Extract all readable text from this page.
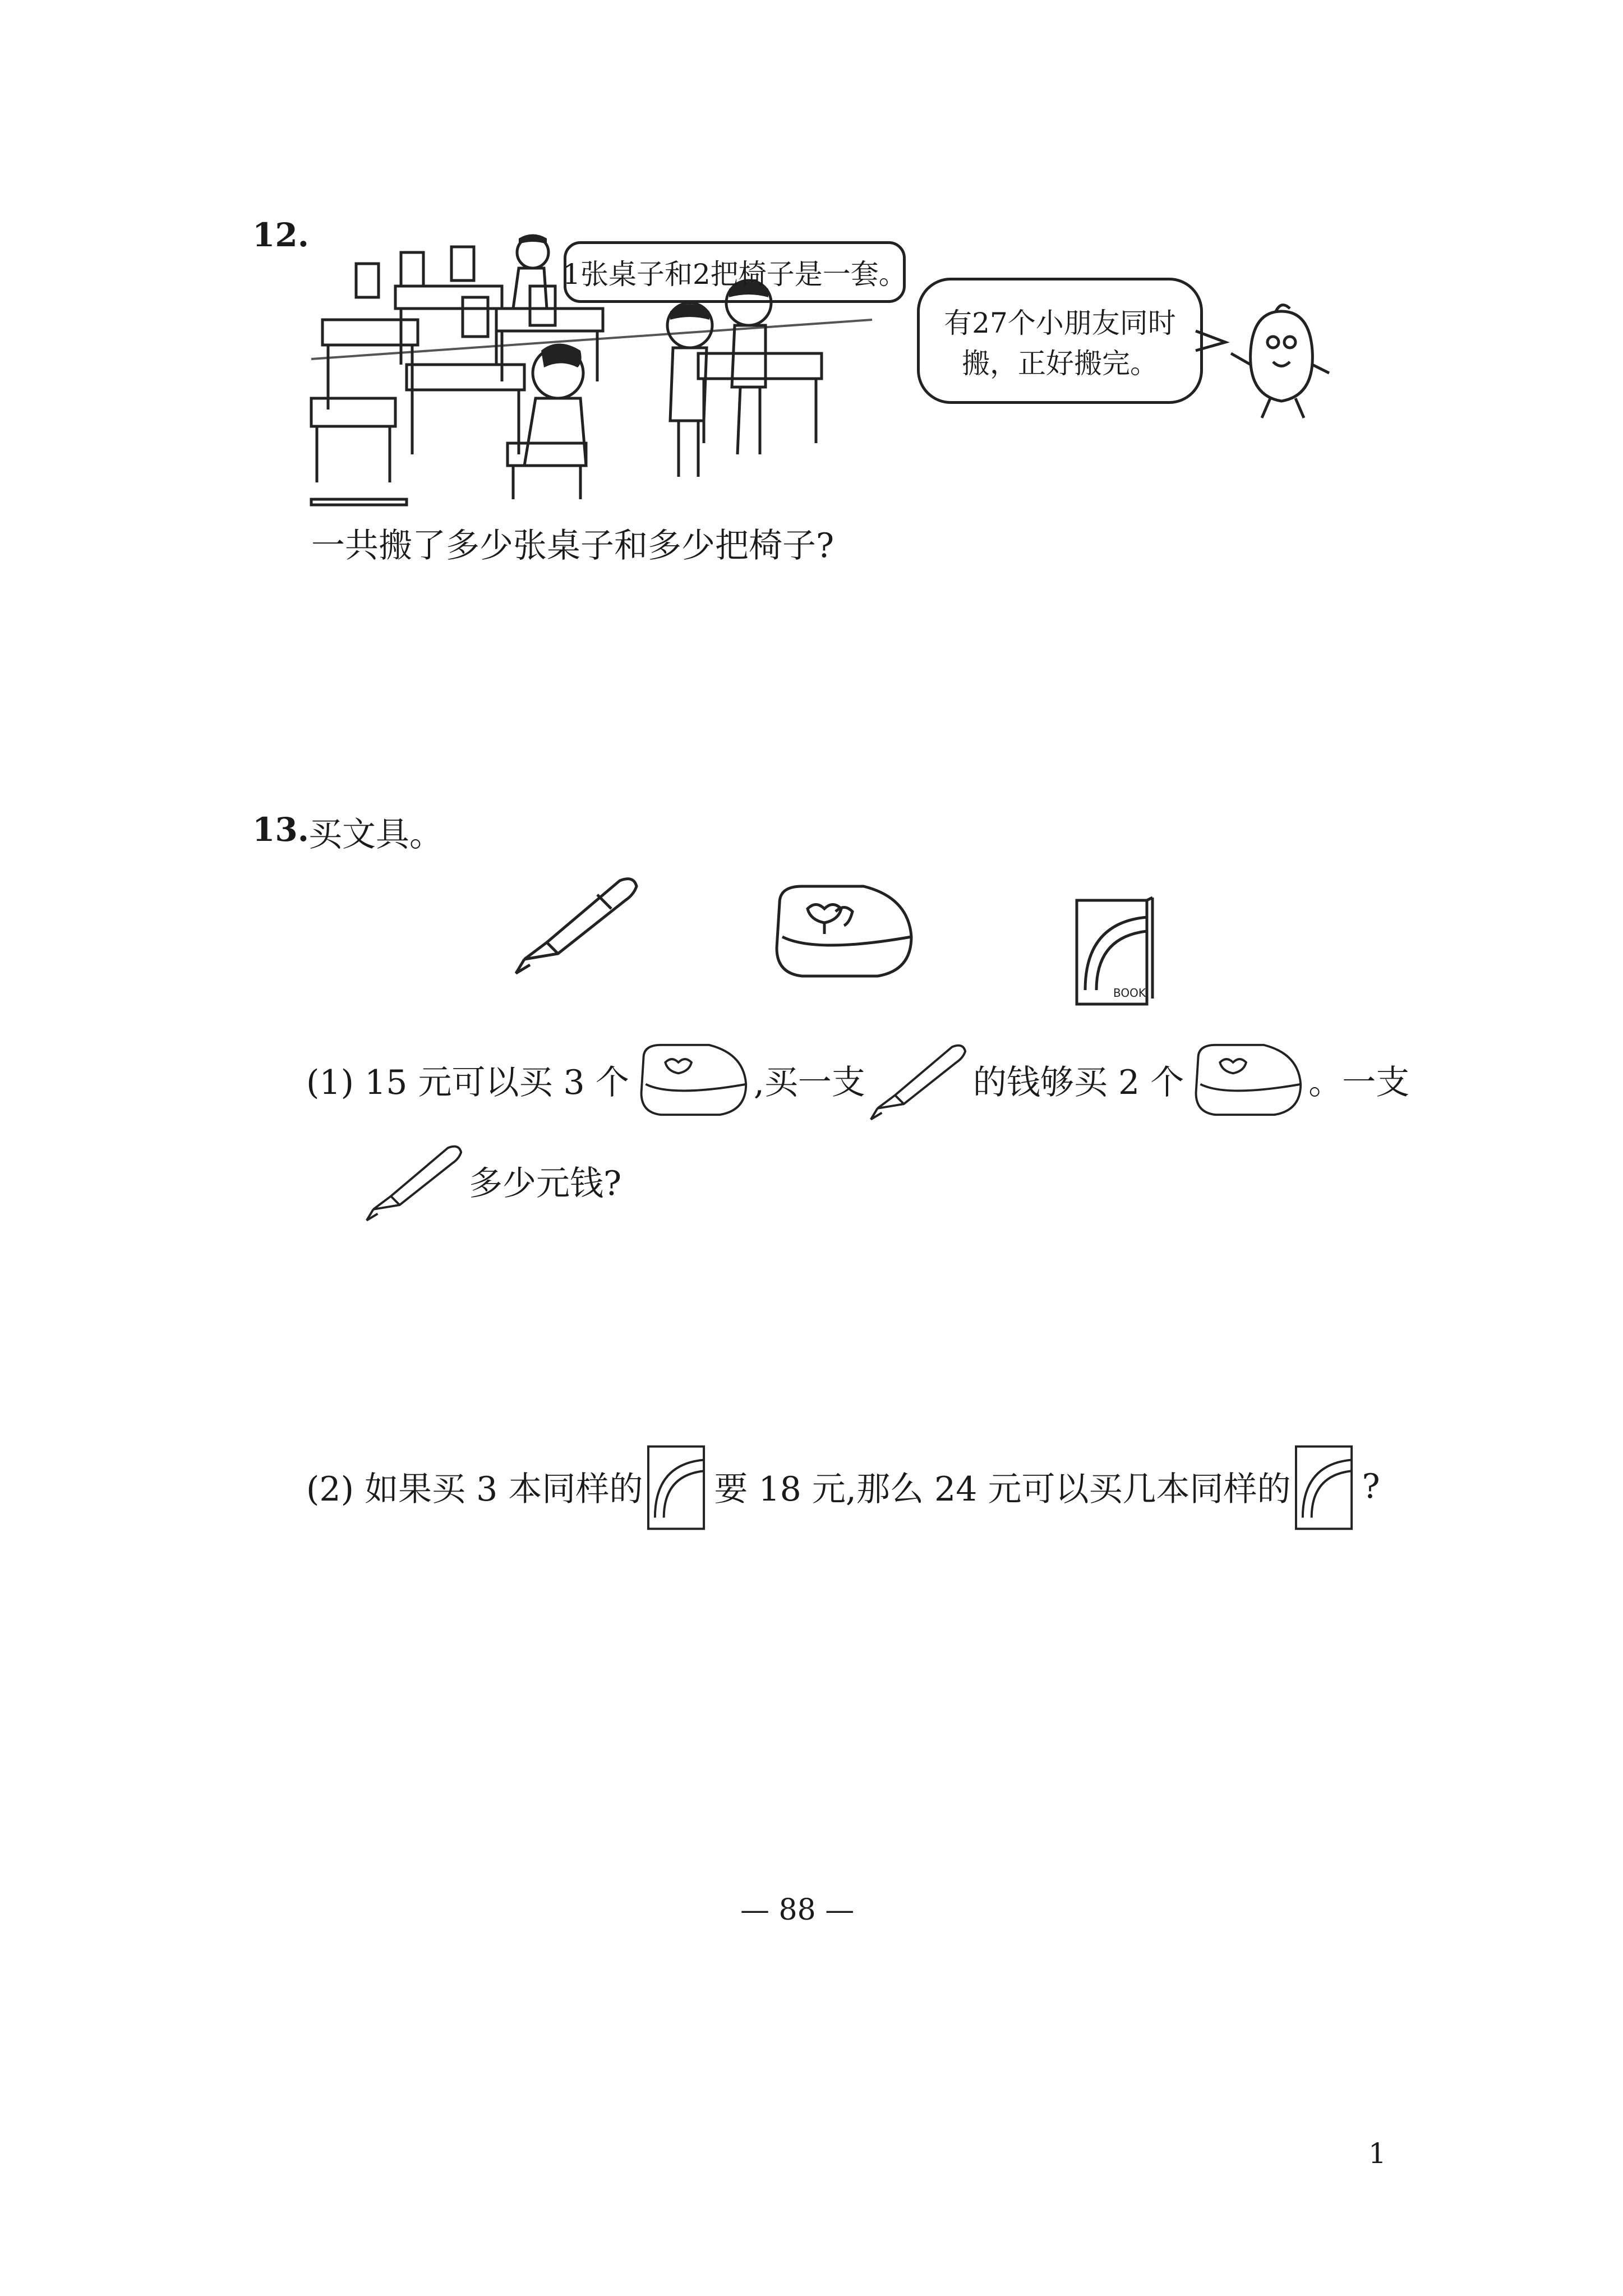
12.
1张桌子和2把椅子是一套。
有27个小朋友同时
搬，正好搬完。
一共搬了多少张桌子和多少把椅子?
13. 买文具。
BOOK
(1) 15 元可以买 3 个	,买一支	的钱够买 2 个	。一支
多少元钱?
(2) 如果买 3 本同样的 要 18 元,那么 24 元可以买几本同样的 ?
— 88 —
1
